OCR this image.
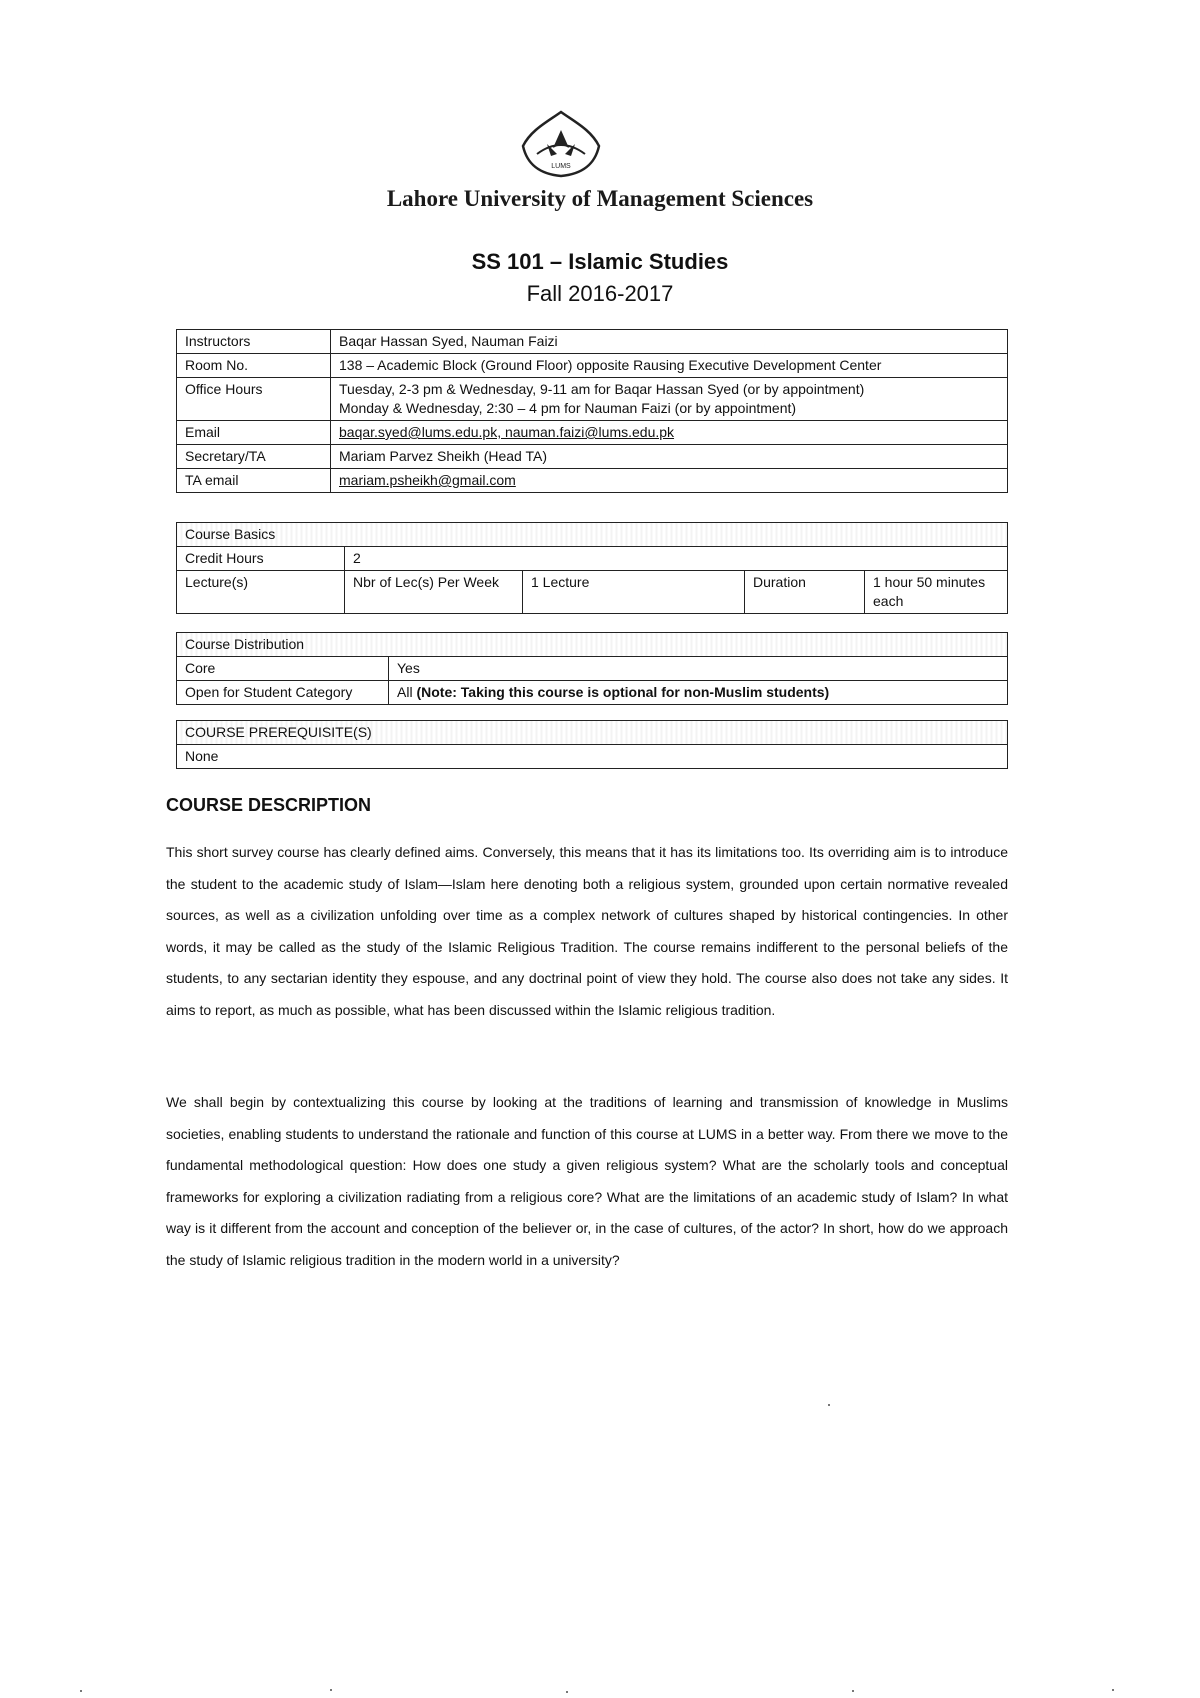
LUMS
Lahore University of Management Sciences
SS 101 – Islamic Studies
Fall 2016-2017
Instructors	Baqar Hassan Syed, Nauman Faizi
Room No.	138 – Academic Block (Ground Floor) opposite Rausing Executive Development Center
Office Hours	Tuesday, 2-3 pm & Wednesday, 9-11 am for Baqar Hassan Syed (or by appointment)
Monday & Wednesday, 2:30 – 4 pm for Nauman Faizi (or by appointment)

Email	baqar.syed@lums.edu.pk, nauman.faizi@lums.edu.pk
Secretary/TA	Mariam Parvez Sheikh (Head TA)
TA email	mariam.psheikh@gmail.com
Course Basics				
Credit Hours	2			
Lecture(s)	Nbr of Lec(s) Per Week	1 Lecture	Duration	1 hour 50 minutes each
Course Distribution	
Core	Yes
Open for Student Category	All (Note: Taking this course is optional for non-Muslim students)
COURSE PREREQUISITE(S)
None
COURSE DESCRIPTION

This short survey course has clearly defined aims. Conversely, this means that it has its limitations too. Its overriding aim is to introduce the student to the academic study of Islam—Islam here denoting both a religious system, grounded upon certain normative revealed sources, as well as a civilization unfolding over time as a complex network of cultures shaped by historical contingencies. In other words, it may be called as the study of the Islamic Religious Tradition. The course remains indifferent to the personal beliefs of the students, to any sectarian identity they espouse, and any doctrinal point of view they hold. The course also does not take any sides. It aims to report, as much as possible, what has been discussed within the Islamic religious tradition.

We shall begin by contextualizing this course by looking at the traditions of learning and transmission of knowledge in Muslims societies, enabling students to understand the rationale and function of this course at LUMS in a better way. From there we move to the fundamental methodological question: How does one study a given religious system? What are the scholarly tools and conceptual frameworks for exploring a civilization radiating from a religious core? What are the limitations of an academic study of Islam? In what way is it different from the account and conception of the believer or, in the case of cultures, of the actor? In short, how do we approach the study of Islamic religious tradition in the modern world in a university?
